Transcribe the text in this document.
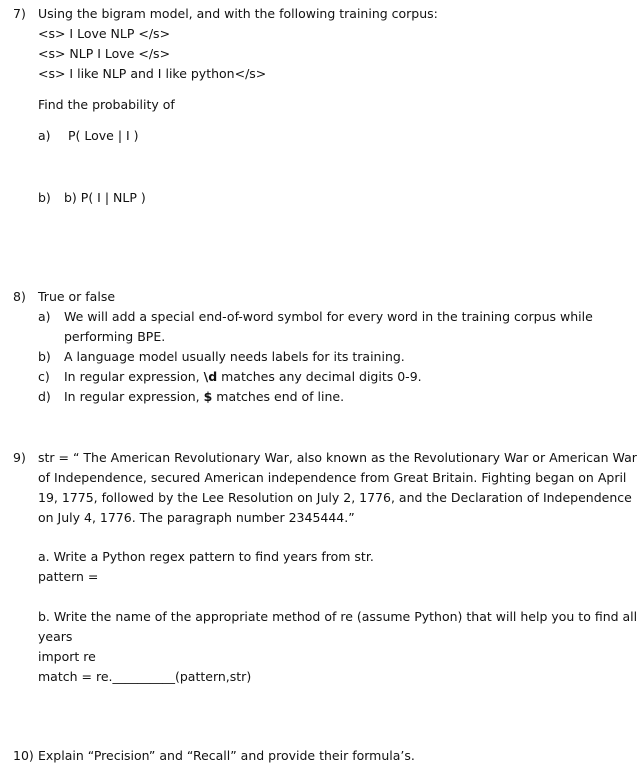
7) Using the bigram model, and with the following training corpus:
<s> I Love NLP </s>
<s> NLP I Love </s>
<s> I like NLP and I like python</s>
Find the probability of
a) P( Love | I )
b) b) P( I | NLP )
8) True or false
a) We will add a special end-of-word symbol for every word in the training corpus while
performing BPE.
b) A language model usually needs labels for its training.
c) In regular expression, \d matches any decimal digits 0-9.
d) In regular expression, $ matches end of line.
9) str = “ The American Revolutionary War, also known as the Revolutionary War or American War
of Independence, secured American independence from Great Britain. Fighting began on April
19, 1775, followed by the Lee Resolution on July 2, 1776, and the Declaration of Independence
on July 4, 1776. The paragraph number 2345444.”
a. Write a Python regex pattern to find years from str.
pattern =
b. Write the name of the appropriate method of re (assume Python) that will help you to find all
years
import re
match = re.__________(pattern,str)
10) Explain “Precision” and “Recall” and provide their formula’s.
